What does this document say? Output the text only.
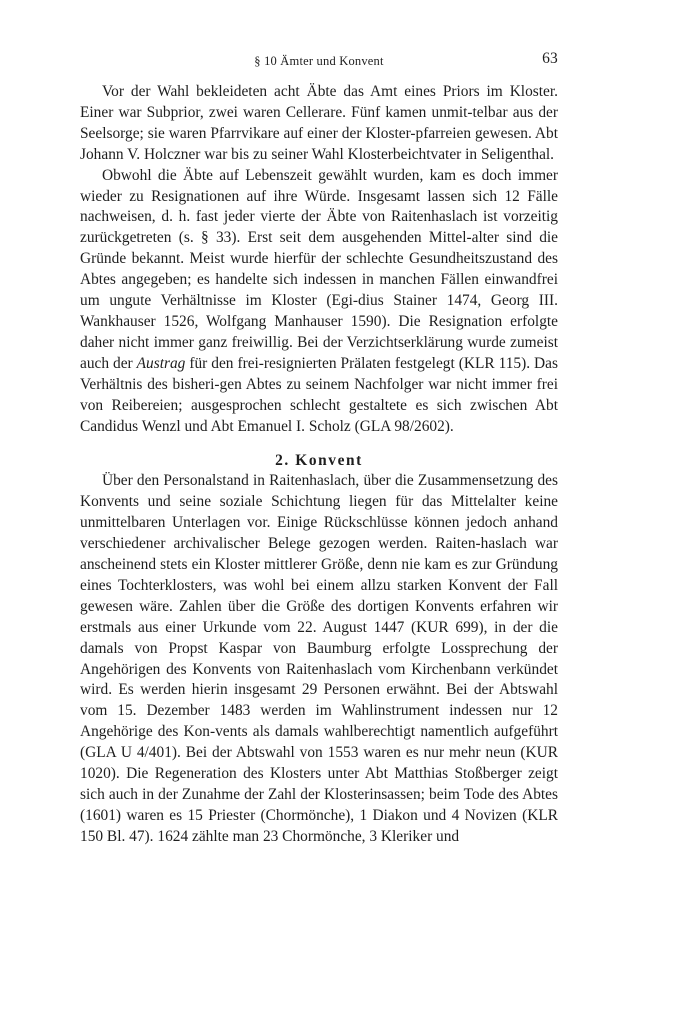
§ 10 Ämter und Konvent	63

Vor der Wahl bekleideten acht Äbte das Amt eines Priors im Kloster. Einer war Subprior, zwei waren Cellerare. Fünf kamen unmit-telbar aus der Seelsorge; sie waren Pfarrvikare auf einer der Kloster-pfarreien gewesen. Abt Johann V. Holczner war bis zu seiner Wahl Klosterbeichtvater in Seligenthal.

Obwohl die Äbte auf Lebenszeit gewählt wurden, kam es doch immer wieder zu Resignationen auf ihre Würde. Insgesamt lassen sich 12 Fälle nachweisen, d. h. fast jeder vierte der Äbte von Raitenhaslach ist vorzeitig zurückgetreten (s. § 33). Erst seit dem ausgehenden Mittel-alter sind die Gründe bekannt. Meist wurde hierfür der schlechte Gesundheitszustand des Abtes angegeben; es handelte sich indessen in manchen Fällen einwandfrei um ungute Verhältnisse im Kloster (Egi-dius Stainer 1474, Georg III. Wankhauser 1526, Wolfgang Manhauser 1590). Die Resignation erfolgte daher nicht immer ganz freiwillig. Bei der Verzichtserklärung wurde zumeist auch der Austrag für den frei-resignierten Prälaten festgelegt (KLR 115). Das Verhältnis des bisheri-gen Abtes zu seinem Nachfolger war nicht immer frei von Reibereien; ausgesprochen schlecht gestaltete es sich zwischen Abt Candidus Wenzl und Abt Emanuel I. Scholz (GLA 98/2602).

2. Konvent

Über den Personalstand in Raitenhaslach, über die Zusammensetzung des Konvents und seine soziale Schichtung liegen für das Mittelalter keine unmittelbaren Unterlagen vor. Einige Rückschlüsse können jedoch anhand verschiedener archivalischer Belege gezogen werden. Raiten-haslach war anscheinend stets ein Kloster mittlerer Größe, denn nie kam es zur Gründung eines Tochterklosters, was wohl bei einem allzu starken Konvent der Fall gewesen wäre. Zahlen über die Größe des dortigen Konvents erfahren wir erstmals aus einer Urkunde vom 22. August 1447 (KUR 699), in der die damals von Propst Kaspar von Baumburg erfolgte Lossprechung der Angehörigen des Konvents von Raitenhaslach vom Kirchenbann verkündet wird. Es werden hierin insgesamt 29 Personen erwähnt. Bei der Abtswahl vom 15. Dezember 1483 werden im Wahlinstrument indessen nur 12 Angehörige des Kon-vents als damals wahlberechtigt namentlich aufgeführt (GLA U 4/401). Bei der Abtswahl von 1553 waren es nur mehr neun (KUR 1020). Die Regeneration des Klosters unter Abt Matthias Stoßberger zeigt sich auch in der Zunahme der Zahl der Klosterinsassen; beim Tode des Abtes (1601) waren es 15 Priester (Chormönche), 1 Diakon und 4 Novizen (KLR 150 Bl. 47). 1624 zählte man 23 Chormönche, 3 Kleriker und
